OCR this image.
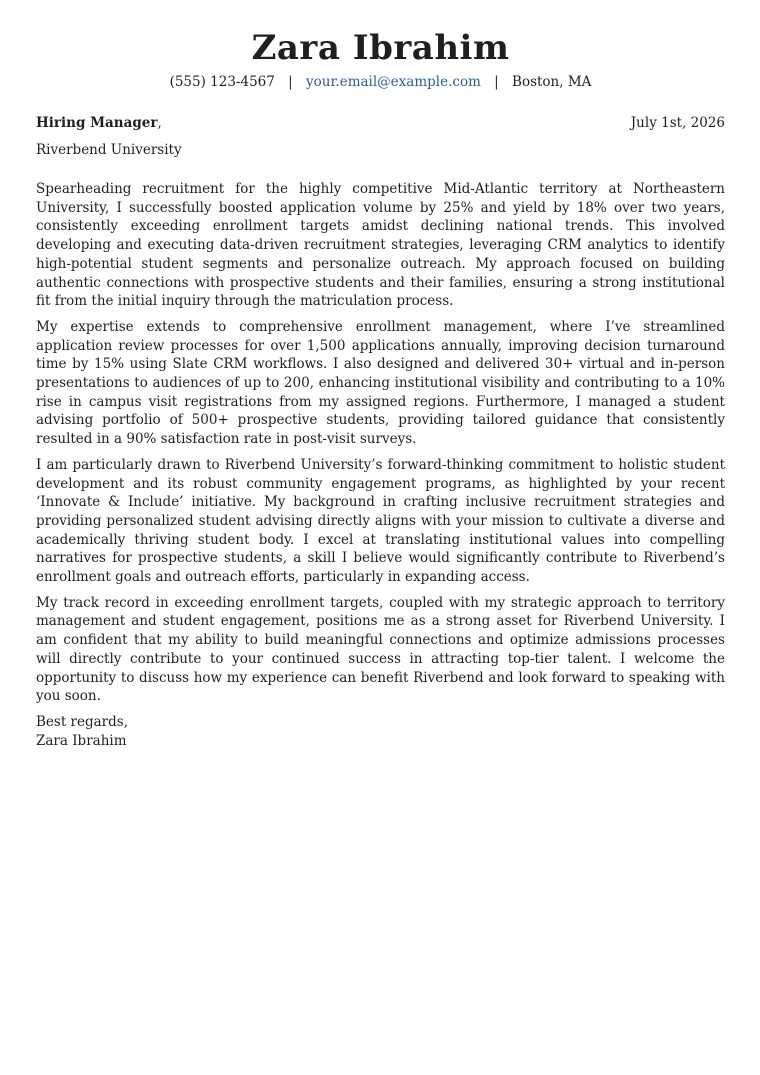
Zara Ibrahim
(555) 123-4567 | your.email@example.com | Boston, MA
Hiring Manager,	July 1st, 2026
Riverbend University

Spearheading recruitment for the highly competitive Mid-Atlantic territory at Northeastern University, I successfully boosted application volume by 25% and yield by 18% over two years, consistently exceeding enrollment targets amidst declining national trends. This involved developing and executing data-driven recruitment strategies, leveraging CRM analytics to identify high-potential student segments and personalize outreach. My approach focused on building authentic connections with prospective students and their families, ensuring a strong institutional fit from the initial inquiry through the matriculation process.

My expertise extends to comprehensive enrollment management, where I’ve streamlined application review processes for over 1,500 applications annually, improving decision turnaround time by 15% using Slate CRM workflows. I also designed and delivered 30+ virtual and in-person presentations to audiences of up to 200, enhancing institutional visibility and contributing to a 10% rise in campus visit registrations from my assigned regions. Furthermore, I managed a student advising portfolio of 500+ prospective students, providing tailored guidance that consistently resulted in a 90% satisfaction rate in post-visit surveys.

I am particularly drawn to Riverbend University’s forward-thinking commitment to holistic student development and its robust community engagement programs, as highlighted by your recent ‘Innovate & Include’ initiative. My background in crafting inclusive recruitment strategies and providing personalized student advising directly aligns with your mission to cultivate a diverse and academically thriving student body. I excel at translating institutional values into compelling narratives for prospective students, a skill I believe would significantly contribute to Riverbend’s enrollment goals and outreach efforts, particularly in expanding access.

My track record in exceeding enrollment targets, coupled with my strategic approach to territory management and student engagement, positions me as a strong asset for Riverbend University. I am confident that my ability to build meaningful connections and optimize admissions processes will directly contribute to your continued success in attracting top-tier talent. I welcome the opportunity to discuss how my experience can benefit Riverbend and look forward to speaking with you soon.

Best regards,
Zara Ibrahim
